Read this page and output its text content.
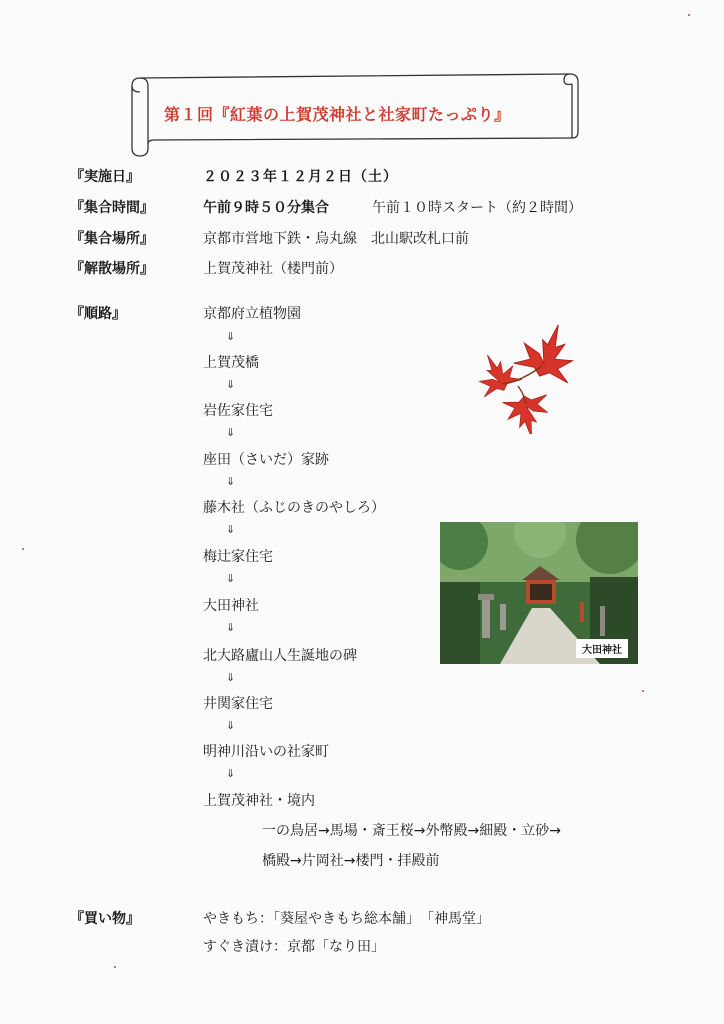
第１回『紅葉の上賀茂神社と社家町たっぷり』
『実施日』	２０２３年１２月２日（土）
『集合時間』	午前９時５０分集合	午前１０時スタート（約２時間）
『集合場所』	京都市営地下鉄・烏丸線　北山駅改札口前
『解散場所』	上賀茂神社（楼門前）
『順路』	京都府立植物園
⇓
上賀茂橋
⇓
岩佐家住宅
⇓
座田（さいだ）家跡
⇓
藤木社（ふじのきのやしろ）
⇓
梅辻家住宅
⇓
大田神社
⇓
北大路廬山人生誕地の碑
⇓
井関家住宅
⇓
明神川沿いの社家町
⇓
上賀茂神社・境内
一の鳥居→馬場・斎王桜→外幣殿→細殿・立砂→
橋殿→片岡社→楼門・拝殿前
『買い物』	やきもち：「葵屋やきもち総本舗」　「神馬堂」
すぐき漬け：京都「なり田」
大田神社
